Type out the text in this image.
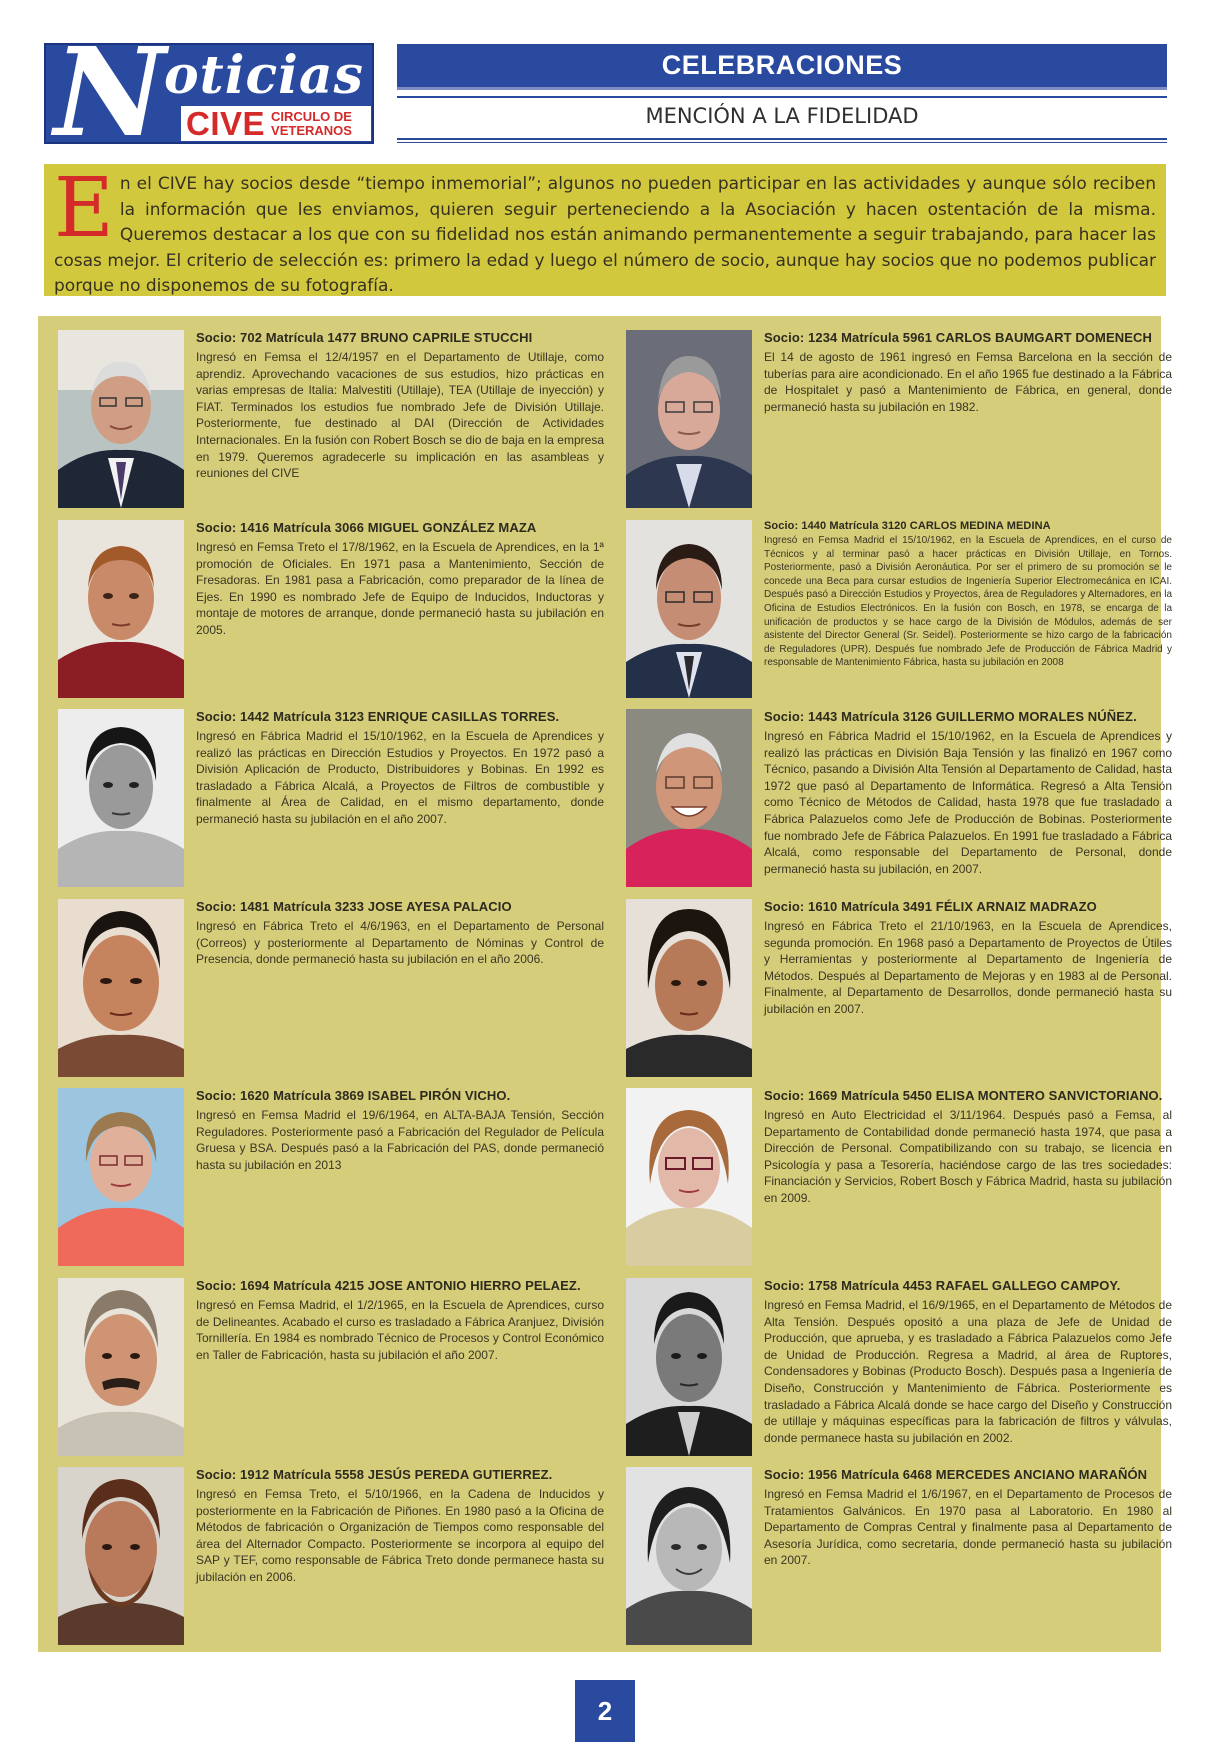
N
oticias
CIVE CIRCULO DE
VETERANOS
CELEBRACIONES
MENCIÓN A LA FIDELIDAD
E n el CIVE hay socios desde “tiempo inmemorial”; algunos no pueden participar en las actividades y aunque sólo reciben la información que les enviamos, quieren seguir perteneciendo a la Asociación y hacen ostentación de la misma. Queremos destacar a los que con su fidelidad nos están animando permanentemente a seguir trabajando, para hacer las cosas mejor. El criterio de selección es: primero la edad y luego el número de socio, aunque hay socios que no podemos publicar porque no disponemos de su fotografía.
Socio: 702 Matrícula 1477 BRUNO CAPRILE STUCCHI
Ingresó en Femsa el 12/4/1957 en el Departamento de Utillaje, como aprendiz. Aprovechando vacaciones de sus estudios, hizo prácticas en varias empresas de Italia: Malvestiti (Utillaje), TEA (Utillaje de inyección) y FIAT. Terminados los estudios fue nombrado Jefe de División Utillaje. Posteriormente, fue destinado al DAI (Dirección de Actividades Internacionales. En la fusión con Robert Bosch se dio de baja en la empresa en 1979. Queremos agradecerle su implicación en las asambleas y reuniones del CIVE
Socio: 1234 Matrícula 5961 CARLOS BAUMGART DOMENECH
El 14 de agosto de 1961 ingresó en Femsa Barcelona en la sección de tuberías para aire acondicionado. En el año 1965 fue destinado a la Fábrica de Hospitalet y pasó a Mantenimiento de Fábrica, en general, donde permaneció hasta su jubilación en 1982.
Socio: 1416 Matrícula 3066 MIGUEL GONZÁLEZ MAZA
Ingresó en Femsa Treto el 17/8/1962, en la Escuela de Aprendices, en la 1ª promoción de Oficiales. En 1971 pasa a Mantenimiento, Sección de Fresadoras. En 1981 pasa a Fabricación, como preparador de la línea de Ejes. En 1990 es nombrado Jefe de Equipo de Inducidos, Inductoras y montaje de motores de arranque, donde permaneció hasta su jubilación en 2005.
Socio: 1440 Matrícula 3120 CARLOS MEDINA MEDINA
Ingresó en Femsa Madrid el 15/10/1962, en la Escuela de Aprendices, en el curso de Técnicos y al terminar pasó a hacer prácticas en División Utillaje, en Tornos. Posteriormente, pasó a División Aeronáutica. Por ser el primero de su promoción se le concede una Beca para cursar estudios de Ingeniería Superior Electromecánica en ICAI. Después pasó a Dirección Estudios y Proyectos, área de Reguladores y Alternadores, en la Oficina de Estudios Electrónicos. En la fusión con Bosch, en 1978, se encarga de la unificación de productos y se hace cargo de la División de Módulos, además de ser asistente del Director General (Sr. Seidel). Posteriormente se hizo cargo de la fabricación de Reguladores (UPR). Después fue nombrado Jefe de Producción de Fábrica Madrid y responsable de Mantenimiento Fábrica, hasta su jubilación en 2008
Socio: 1442 Matrícula 3123 ENRIQUE CASILLAS TORRES.
Ingresó en Fábrica Madrid el 15/10/1962, en la Escuela de Aprendices y realizó las prácticas en Dirección Estudios y Proyectos. En 1972 pasó a División Aplicación de Producto, Distribuidores y Bobinas. En 1992 es trasladado a Fábrica Alcalá, a Proyectos de Filtros de combustible y finalmente al Área de Calidad, en el mismo departamento, donde permaneció hasta su jubilación en el año 2007.
Socio: 1443 Matrícula 3126 GUILLERMO MORALES NÚÑEZ.
Ingresó en Fábrica Madrid el 15/10/1962, en la Escuela de Aprendices y realizó las prácticas en División Baja Tensión y las finalizó en 1967 como Técnico, pasando a División Alta Tensión al Departamento de Calidad, hasta 1972 que pasó al Departamento de Informática. Regresó a Alta Tensión como Técnico de Métodos de Calidad, hasta 1978 que fue trasladado a Fábrica Palazuelos como Jefe de Producción de Bobinas. Posteriormente fue nombrado Jefe de Fábrica Palazuelos. En 1991 fue trasladado a Fábrica Alcalá, como responsable del Departamento de Personal, donde permaneció hasta su jubilación, en 2007.
Socio: 1481 Matrícula 3233 JOSE AYESA PALACIO
Ingresó en Fábrica Treto el 4/6/1963, en el Departamento de Personal (Correos) y posteriormente al Departamento de Nóminas y Control de Presencia, donde permaneció hasta su jubilación en el año 2006.
Socio: 1610 Matrícula 3491 FÉLIX ARNAIZ MADRAZO
Ingresó en Fábrica Treto el 21/10/1963, en la Escuela de Aprendices, segunda promoción. En 1968 pasó a Departamento de Proyectos de Útiles y Herramientas y posteriormente al Departamento de Ingeniería de Métodos. Después al Departamento de Mejoras y en 1983 al de Personal. Finalmente, al Departamento de Desarrollos, donde permaneció hasta su jubilación en 2007.
Socio: 1620 Matrícula 3869 ISABEL PIRÓN VICHO.
Ingresó en Femsa Madrid el 19/6/1964, en ALTA-BAJA Tensión, Sección Reguladores. Posteriormente pasó a Fabricación del Regulador de Película Gruesa y BSA. Después pasó a la Fabricación del PAS, donde permaneció hasta su jubilación en 2013
Socio: 1669 Matrícula 5450 ELISA MONTERO SANVICTORIANO.
Ingresó en Auto Electricidad el 3/11/1964. Después pasó a Femsa, al Departamento de Contabilidad donde permaneció hasta 1974, que pasa a Dirección de Personal. Compatibilizando con su trabajo, se licencia en Psicología y pasa a Tesorería, haciéndose cargo de las tres sociedades: Financiación y Servicios, Robert Bosch y Fábrica Madrid, hasta su jubilación en 2009.
Socio: 1694 Matrícula 4215 JOSE ANTONIO HIERRO PELAEZ.
Ingresó en Femsa Madrid, el 1/2/1965, en la Escuela de Aprendices, curso de Delineantes. Acabado el curso es trasladado a Fábrica Aranjuez, División Tornillería. En 1984 es nombrado Técnico de Procesos y Control Económico en Taller de Fabricación, hasta su jubilación el año 2007.
Socio: 1758 Matrícula 4453 RAFAEL GALLEGO CAMPOY.
Ingresó en Femsa Madrid, el 16/9/1965, en el Departamento de Métodos de Alta Tensión. Después opositó a una plaza de Jefe de Unidad de Producción, que aprueba, y es trasladado a Fábrica Palazuelos como Jefe de Unidad de Producción. Regresa a Madrid, al área de Ruptores, Condensadores y Bobinas (Producto Bosch). Después pasa a Ingeniería de Diseño, Construcción y Mantenimiento de Fábrica. Posteriormente es trasladado a Fábrica Alcalá donde se hace cargo del Diseño y Construcción de utillaje y máquinas específicas para la fabricación de filtros y válvulas, donde permanece hasta su jubilación en 2002.
Socio: 1912 Matrícula 5558 JESÚS PEREDA GUTIERREZ.
Ingresó en Femsa Treto, el 5/10/1966, en la Cadena de Inducidos y posteriormente en la Fabricación de Piñones. En 1980 pasó a la Oficina de Métodos de fabricación o Organización de Tiempos como responsable del área del Alternador Compacto. Posteriormente se incorpora al equipo del SAP y TEF, como responsable de Fábrica Treto donde permanece hasta su jubilación en 2006.
Socio: 1956 Matrícula 6468 MERCEDES ANCIANO MARAÑÓN
Ingresó en Femsa Madrid el 1/6/1967, en el Departamento de Procesos de Tratamientos Galvánicos. En 1970 pasa al Laboratorio. En 1980 al Departamento de Compras Central y finalmente pasa al Departamento de Asesoría Jurídica, como secretaria, donde permaneció hasta su jubilación en 2007.
2
